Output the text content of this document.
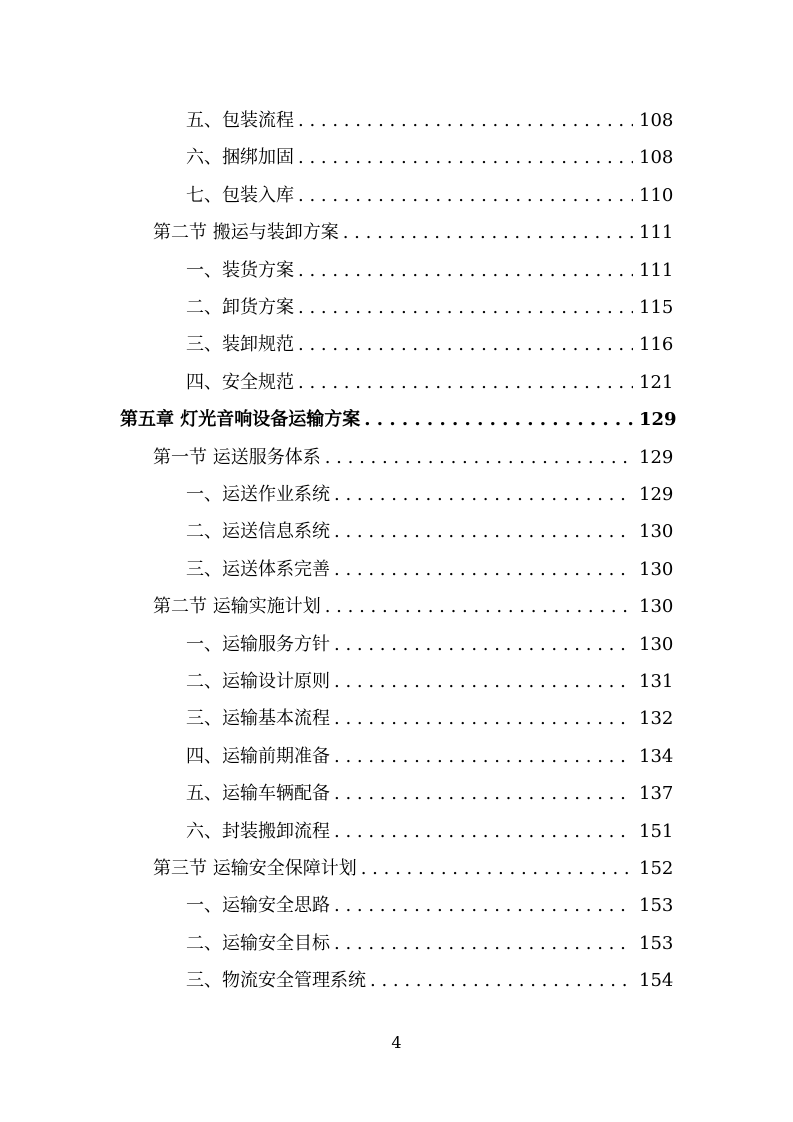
五、包装流程 . . .	108
六、捆绑加固 . . .	108
七、包装入库 . . .	110
第二节 搬运与装卸方案 . . .	111
一、装货方案 . . .	111
二、卸货方案 . . .	115
三、装卸规范 . . .	116
四、安全规范 . . .	121
第五章 灯光音响设备运输方案 . . .	129
第一节 运送服务体系 . . .	129
一、运送作业系统 . . .	129
二、运送信息系统 . . .	130
三、运送体系完善 . . .	130
第二节 运输实施计划 . . .	130
一、运输服务方针 . . .	130
二、运输设计原则 . . .	131
三、运输基本流程 . . .	132
四、运输前期准备 . . .	134
五、运输车辆配备 . . .	137
六、封装搬卸流程 . . .	151
第三节 运输安全保障计划 . . .	152
一、运输安全思路 . . .	153
二、运输安全目标 . . .	153
三、物流安全管理系统 . . .	154
4
